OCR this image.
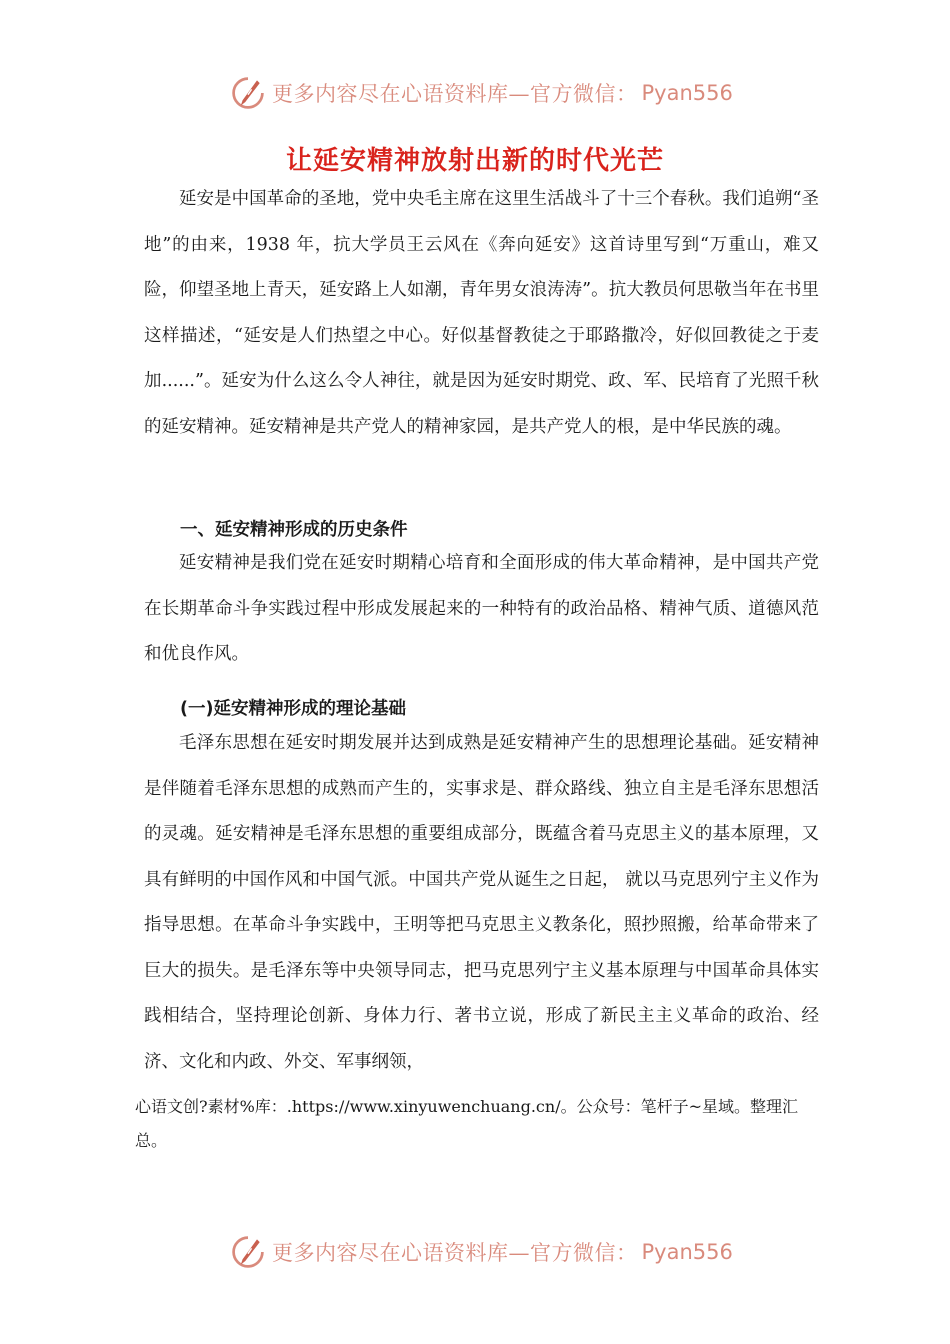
更多内容尽在心语资料库—官方微信： Pyan556
让延安精神放射出新的时代光芒

延安是中国革命的圣地，党中央毛主席在这里生活战斗了十三个春秋。我们追朔“圣地”的由来，1938 年，抗大学员王云风在《奔向延安》这首诗里写到“万重山，难又险，仰望圣地上青天，延安路上人如潮，青年男女浪涛涛”。抗大教员何思敬当年在书里这样描述，“延安是人们热望之中心。好似基督教徒之于耶路撒冷，好似回教徒之于麦加......”。延安为什么这么令人神往，就是因为延安时期党、政、军、民培育了光照千秋的延安精神。延安精神是共产党人的精神家园，是共产党人的根，是中华民族的魂。

一、延安精神形成的历史条件

延安精神是我们党在延安时期精心培育和全面形成的伟大革命精神，是中国共产党在长期革命斗争实践过程中形成发展起来的一种特有的政治品格、精神气质、道德风范和优良作风。

(一)延安精神形成的理论基础

毛泽东思想在延安时期发展并达到成熟是延安精神产生的思想理论基础。延安精神是伴随着毛泽东思想的成熟而产生的，实事求是、群众路线、独立自主是毛泽东思想活的灵魂。延安精神是毛泽东思想的重要组成部分，既蕴含着马克思主义的基本原理，又具有鲜明的中国作风和中国气派。中国共产党从诞生之日起， 就以马克思列宁主义作为指导思想。在革命斗争实践中，王明等把马克思主义教条化，照抄照搬，给革命带来了巨大的损失。是毛泽东等中央领导同志，把马克思列宁主义基本原理与中国革命具体实践相结合，坚持理论创新、身体力行、著书立说，形成了新民主主义革命的政治、经济、文化和内政、外交、军事纲领，

心语文创?素材%库：.https://www.xinyuwenchuang.cn/。公众号：笔杆子~星域。整理汇总。

更多内容尽在心语资料库—官方微信： Pyan556
